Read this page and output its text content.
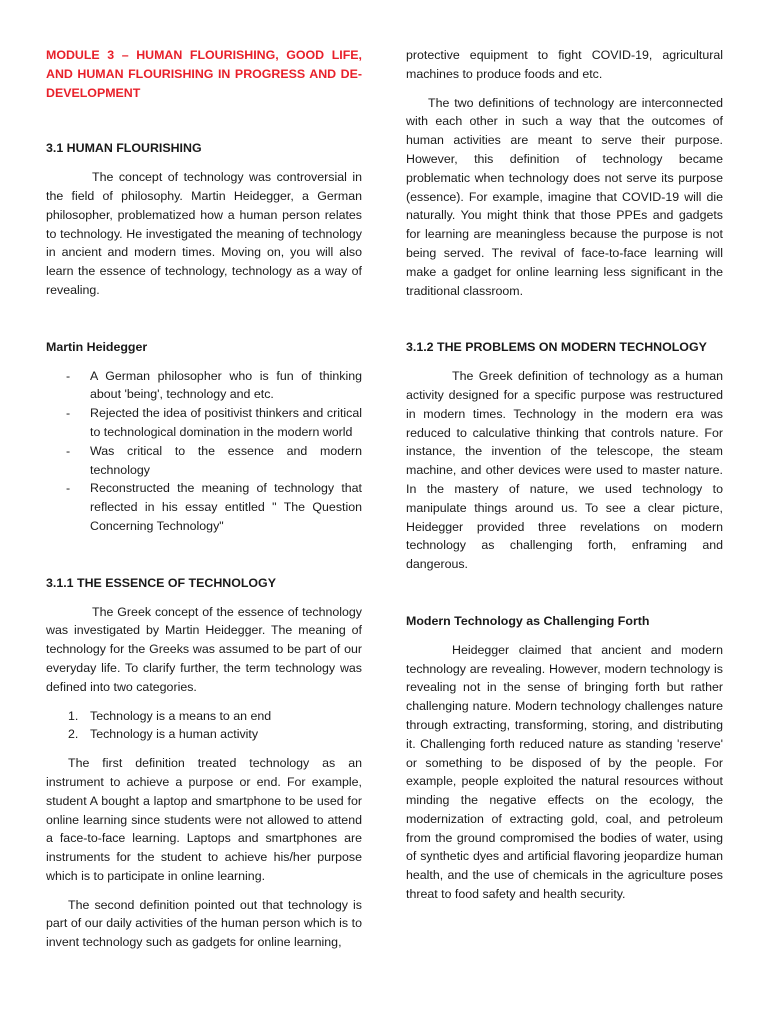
MODULE 3 – HUMAN FLOURISHING, GOOD LIFE, AND HUMAN FLOURISHING IN PROGRESS AND DE-DEVELOPMENT

3.1 HUMAN FLOURISHING

The concept of technology was controversial in the field of philosophy. Martin Heidegger, a German philosopher, problematized how a human person relates to technology. He investigated the meaning of technology in ancient and modern times. Moving on, you will also learn the essence of technology, technology as a way of revealing.

Martin Heidegger
- A German philosopher who is fun of thinking about 'being', technology and etc.
- Rejected the idea of positivist thinkers and critical to technological domination in the modern world
- Was critical to the essence and modern technology
- Reconstructed the meaning of technology that reflected in his essay entitled " The Question Concerning Technology"
3.1.1 THE ESSENCE OF TECHNOLOGY

The Greek concept of the essence of technology was investigated by Martin Heidegger. The meaning of technology for the Greeks was assumed to be part of our everyday life. To clarify further, the term technology was defined into two categories.

1. Technology is a means to an end
2. Technology is a human activity

The first definition treated technology as an instrument to achieve a purpose or end. For example, student A bought a laptop and smartphone to be used for online learning since students were not allowed to attend a face-to-face learning. Laptops and smartphones are instruments for the student to achieve his/her purpose which is to participate in online learning.

The second definition pointed out that technology is part of our daily activities of the human person which is to invent technology such as gadgets for online learning,

protective equipment to fight COVID-19, agricultural machines to produce foods and etc.

The two definitions of technology are interconnected with each other in such a way that the outcomes of human activities are meant to serve their purpose. However, this definition of technology became problematic when technology does not serve its purpose (essence). For example, imagine that COVID-19 will die naturally. You might think that those PPEs and gadgets for learning are meaningless because the purpose is not being served. The revival of face-to-face learning will make a gadget for online learning less significant in the traditional classroom.

3.1.2 THE PROBLEMS ON MODERN TECHNOLOGY

The Greek definition of technology as a human activity designed for a specific purpose was restructured in modern times. Technology in the modern era was reduced to calculative thinking that controls nature. For instance, the invention of the telescope, the steam machine, and other devices were used to master nature. In the mastery of nature, we used technology to manipulate things around us. To see a clear picture, Heidegger provided three revelations on modern technology as challenging forth, enframing and dangerous.

Modern Technology as Challenging Forth

Heidegger claimed that ancient and modern technology are revealing. However, modern technology is revealing not in the sense of bringing forth but rather challenging nature. Modern technology challenges nature through extracting, transforming, storing, and distributing it. Challenging forth reduced nature as standing 'reserve' or something to be disposed of by the people. For example, people exploited the natural resources without minding the negative effects on the ecology, the modernization of extracting gold, coal, and petroleum from the ground compromised the bodies of water, using of synthetic dyes and artificial flavoring jeopardize human health, and the use of chemicals in the agriculture poses threat to food safety and health security.
